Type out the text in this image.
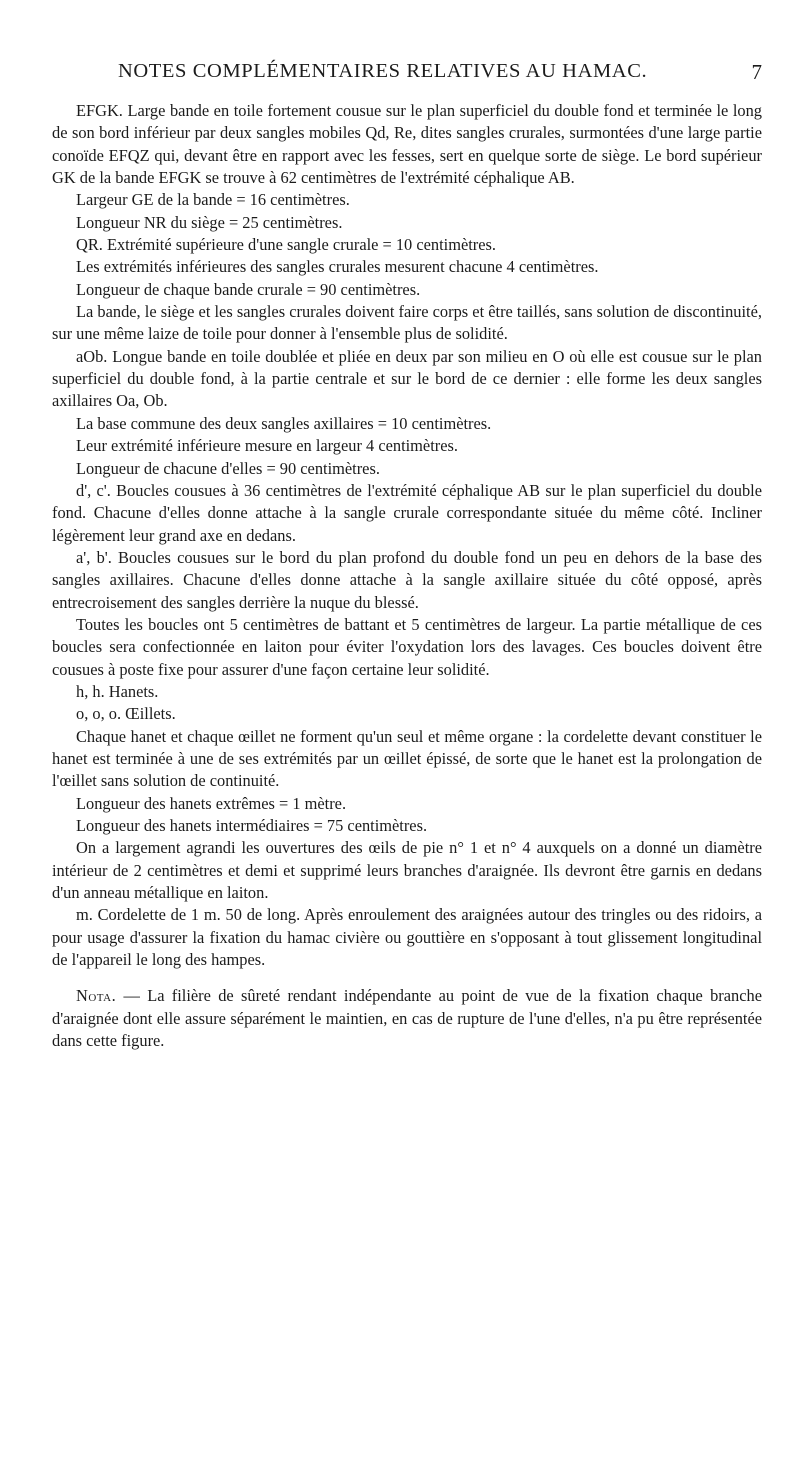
NOTES COMPLÉMENTAIRES RELATIVES AU HAMAC.	7

EFGK. Large bande en toile fortement cousue sur le plan superficiel du double fond et terminée le long de son bord inférieur par deux sangles mobiles Qd, Re, dites sangles crurales, surmontées d'une large partie conoïde EFQZ qui, devant être en rapport avec les fesses, sert en quelque sorte de siège. Le bord supérieur GK de la bande EFGK se trouve à 62 centimètres de l'extrémité céphalique AB.

Largeur GE de la bande = 16 centimètres.

Longueur NR du siège = 25 centimètres.

QR. Extrémité supérieure d'une sangle crurale = 10 centimètres.

Les extrémités inférieures des sangles crurales mesurent chacune 4 centimètres.

Longueur de chaque bande crurale = 90 centimètres.

La bande, le siège et les sangles crurales doivent faire corps et être taillés, sans solution de discontinuité, sur une même laize de toile pour donner à l'ensemble plus de solidité.

aOb. Longue bande en toile doublée et pliée en deux par son milieu en O où elle est cousue sur le plan superficiel du double fond, à la partie centrale et sur le bord de ce dernier : elle forme les deux sangles axillaires Oa, Ob.

La base commune des deux sangles axillaires = 10 centimètres.

Leur extrémité inférieure mesure en largeur 4 centimètres.

Longueur de chacune d'elles = 90 centimètres.

d', c'. Boucles cousues à 36 centimètres de l'extrémité céphalique AB sur le plan superficiel du double fond. Chacune d'elles donne attache à la sangle crurale correspondante située du même côté. Incliner légèrement leur grand axe en dedans.

a', b'. Boucles cousues sur le bord du plan profond du double fond un peu en dehors de la base des sangles axillaires. Chacune d'elles donne attache à la sangle axillaire située du côté opposé, après entrecroisement des sangles derrière la nuque du blessé.

Toutes les boucles ont 5 centimètres de battant et 5 centimètres de largeur. La partie métallique de ces boucles sera confectionnée en laiton pour éviter l'oxydation lors des lavages. Ces boucles doivent être cousues à poste fixe pour assurer d'une façon certaine leur solidité.

h, h. Hanets.

o, o, o. Œillets.

Chaque hanet et chaque œillet ne forment qu'un seul et même organe : la cordelette devant constituer le hanet est terminée à une de ses extrémités par un œillet épissé, de sorte que le hanet est la prolongation de l'œillet sans solution de continuité.

Longueur des hanets extrêmes = 1 mètre.

Longueur des hanets intermédiaires = 75 centimètres.

On a largement agrandi les ouvertures des œils de pie n° 1 et n° 4 auxquels on a donné un diamètre intérieur de 2 centimètres et demi et supprimé leurs branches d'araignée. Ils devront être garnis en dedans d'un anneau métallique en laiton.

m. Cordelette de 1 m. 50 de long. Après enroulement des araignées autour des tringles ou des ridoirs, a pour usage d'assurer la fixation du hamac civière ou gouttière en s'opposant à tout glissement longitudinal de l'appareil le long des hampes.

Nota. — La filière de sûreté rendant indépendante au point de vue de la fixation chaque branche d'araignée dont elle assure séparément le maintien, en cas de rupture de l'une d'elles, n'a pu être représentée dans cette figure.
